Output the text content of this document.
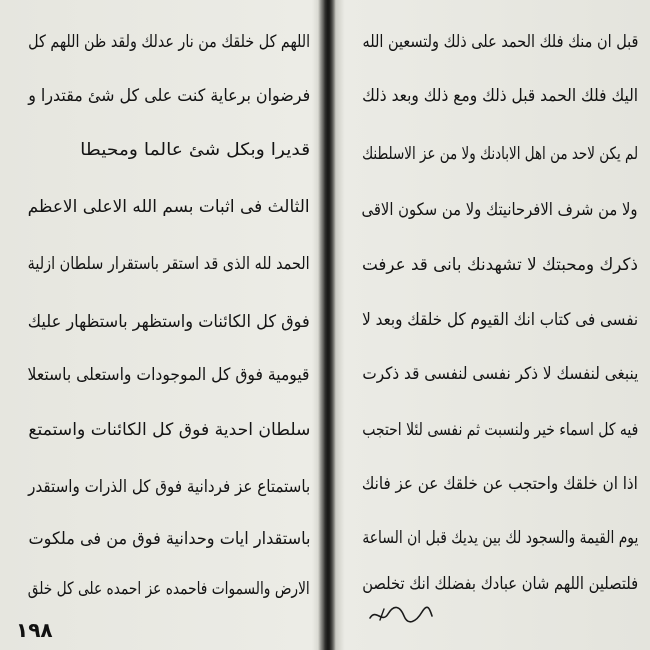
اللهم كل خلقك من نار عدلك ولقد ظن اللهم كل
فرضوان برعاية كنت على كل شئ مقتدرا و
قديرا وبكل شئ عالما ومحيطا
الثالث فى اثبات بسم الله الاعلى الاعظم
الحمد لله الذى قد استقر باستقرار سلطان ازلية
فوق كل الكائنات واستظهر باستظهار عليك
قيومية فوق كل الموجودات واستعلى باستعلا
سلطان احدية فوق كل الكائنات واستمتع
باستمتاع عز فردانية فوق كل الذرات واستقدر
باستقدار ايات وحدانية فوق من فى ملكوت
الارض والسموات فاحمده عز احمده على كل خلق
قبل ان منك فلك الحمد على ذلك ولتسعين الله
اليك فلك الحمد قبل ذلك ومع ذلك وبعد ذلك
لم يكن لاحد من اهل الابادنك ولا من عز الاسلطنك
ولا من شرف الافرحانيتك ولا من سكون الاقى
ذكرك ومحبتك لا تشهدنك بانى قد عرفت
نفسى فى كتاب انك القيوم كل خلقك وبعد لا
ينبغى لنفسك لا ذكر نفسى لنفسى قد ذكرت
فيه كل اسماء خير ولنسبت ثم نفسى لئلا احتجب
اذا ان خلقك واحتجب عن خلقك عن عز فانك
يوم القيمة والسجود لك بين يديك قبل ان الساعة
فلتصلين اللهم شان عبادك بفضلك انك تخلصن
١٩٨
